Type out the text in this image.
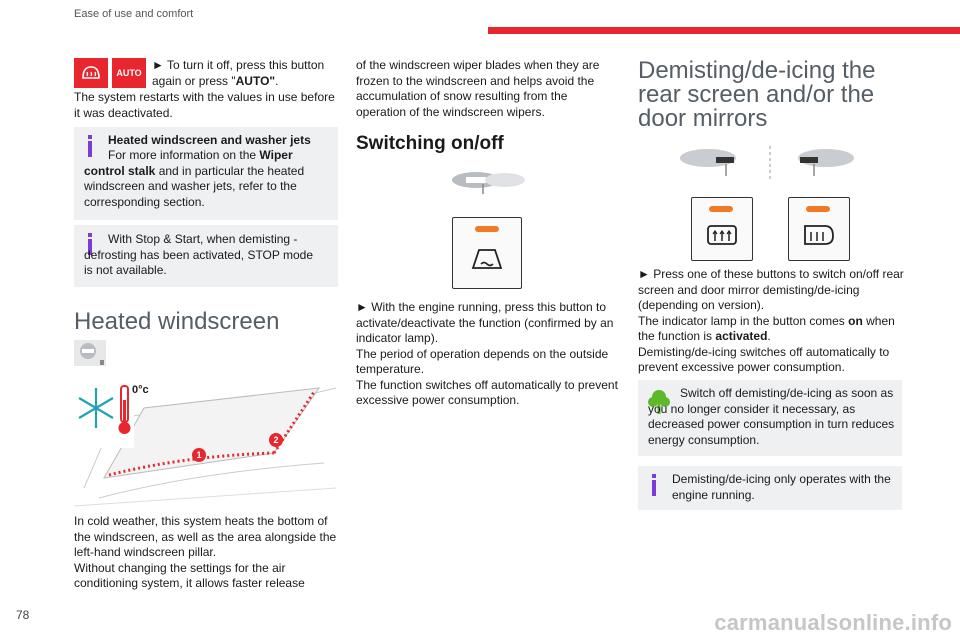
Ease of use and comfort
AUTO

► To turn it off, press this button
again or press "AUTO".

The system restarts with the values in use before it was deactivated.

Heated windscreen and washer jets

For more information on the Wiper control stalk and in particular the heated windscreen and washer jets, refer to the corresponding section.

With Stop & Start, when demisting - defrosting has been activated, STOP mode is not available.

Heated windscreen
0°c
1
2

In cold weather, this system heats the bottom of the windscreen, as well as the area alongside the left-hand windscreen pillar.
Without changing the settings for the air conditioning system, it allows faster release

of the windscreen wiper blades when they are frozen to the windscreen and helps avoid the accumulation of snow resulting from the operation of the windscreen wipers.

Switching on/off

► With the engine running, press this button to activate/deactivate the function (confirmed by an indicator lamp).
The period of operation depends on the outside temperature.
The function switches off automatically to prevent excessive power consumption.

Demisting/de-icing the rear screen and/or the door mirrors

► Press one of these buttons to switch on/off rear screen and door mirror demisting/de-icing (depending on version).
The indicator lamp in the button comes on when the function is activated.
Demisting/de-icing switches off automatically to prevent excessive power consumption.

Switch off demisting/de-icing as soon as you no longer consider it necessary, as decreased power consumption in turn reduces energy consumption.

Demisting/de-icing only operates with the engine running.

78	carmanualsonline.info
